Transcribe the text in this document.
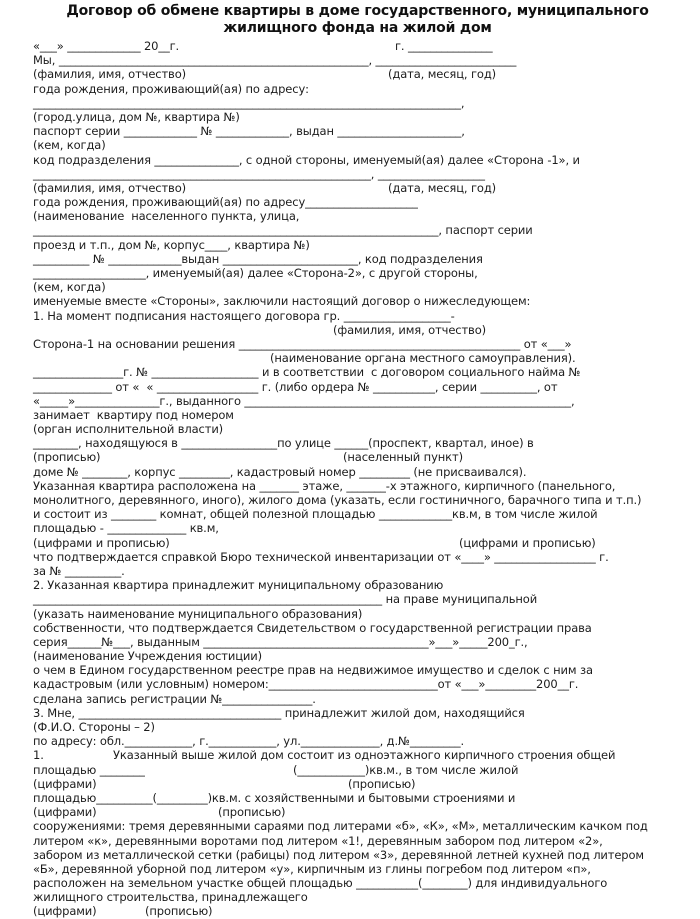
Договор об обмене квартиры в доме государственного, муниципального
жилищного фонда на жилой дом
«___» _____________ 20__г.	г. _______________
Мы, _______________________________________________________, _________________________
(фамилия, имя, отчество)	(дата, месяц, год)
года рождения, проживающий(ая) по адресу:
____________________________________________________________________________,
(город.улица, дом №, квартира №)
паспорт серии _____________ № _____________, выдан ______________________,
(кем, когда)
код подразделения _______________, с одной стороны, именуемый(ая) далее «Сторона -1», и
____________________________________________________________, ___________________
(фамилия, имя, отчество)	(дата, месяц, год)
года рождения, проживающий(ая) по адресу____________________
(наименование  населенного пункта, улица,
________________________________________________________________________, паспорт серии
проезд и т.п., дом №, корпус____, квартира №)
__________ № _____________выдан ________________________, код подразделения
____________________, именуемый(ая) далее «Сторона-2», с другой стороны,
(кем, когда)
именуемые вместе «Стороны», заключили настоящий договор о нижеследующем:
1. На момент подписания настоящего договора гр. ___________________-
(фамилия, имя, отчество)
Сторона-1 на основании решения __________________________________________________ от «___»
(наименование органа местного самоуправления).
________________г. № ___________________ и в соответствии  с договором социального найма №
______________ от «  « __________________ г. (либо ордера № ___________, серии __________, от
«_____»_______________г., выданного __________________________________________________________,
занимает  квартиру под номером
(орган исполнительной власти)
________, находящуюся в _________________по улице ______(проспект, квартал, иное) в
(прописью)	(населенный пункт)
доме № ________, корпус _________, кадастровый номер _________ (не присваивался).
Указанная квартира расположена на _______ этаже, _______-х этажного, кирпичного (панельного,
монолитного, деревянного, иного), жилого дома (указать, если гостиничного, барачного типа и т.п.)
и состоит из ________ комнат, общей полезной площадью _____________кв.м, в том числе жилой
площадью - ______________ кв.м,
(цифрами и прописью)	(цифрами и прописью)
что подтверждается справкой Бюро технической инвентаризации от «____» __________________ г.
за № __________.
2. Указанная квартира принадлежит муниципальному образованию
______________________________________________________________ на праве муниципальной
(указать наименование муниципального образования)
собственности, что подтверждается Свидетельством о государственной регистрации права
серия______№___, выданным ________________________________________»___»_____200_г.,
(наименование Учреждения юстиции)
о чем в Едином государственном реестре прав на недвижимое имущество и сделок с ним за
кадастровым (или условным) номером:______________________________от «___»_________200__г.
сделана запись регистрации №________________.
3. Мне, ____________________________________ принадлежит жилой дом, находящийся
(Ф.И.О. Стороны – 2)
по адресу: обл.____________, г.____________, ул.______________, д.№_________.
1.	Указанный выше жилой дом состоит из одноэтажного кирпичного строения общей
площадью ________	(____________)кв.м., в том числе жилой
(цифрами)	(прописью)
площадью__________(_________)кв.м. с хозяйственными и бытовыми строениями и
(цифрами)	(прописью)
сооружениями: тремя деревянными сараями под литерами «б», «К», «М», металлическим качком под
литером «к», деревянными воротами под литером «1!, деревянным забором под литером «2»,
забором из металлической сетки (рабицы) под литером «3», деревянной летней кухней под литером
«Б», деревянной уборной под литером «у», кирпичным из глины погребом под литером «п»,
расположен на земельном участке общей площадью ___________(________) для индивидуального
жилищного строительства, принадлежащего
(цифрами)	(прописью)
